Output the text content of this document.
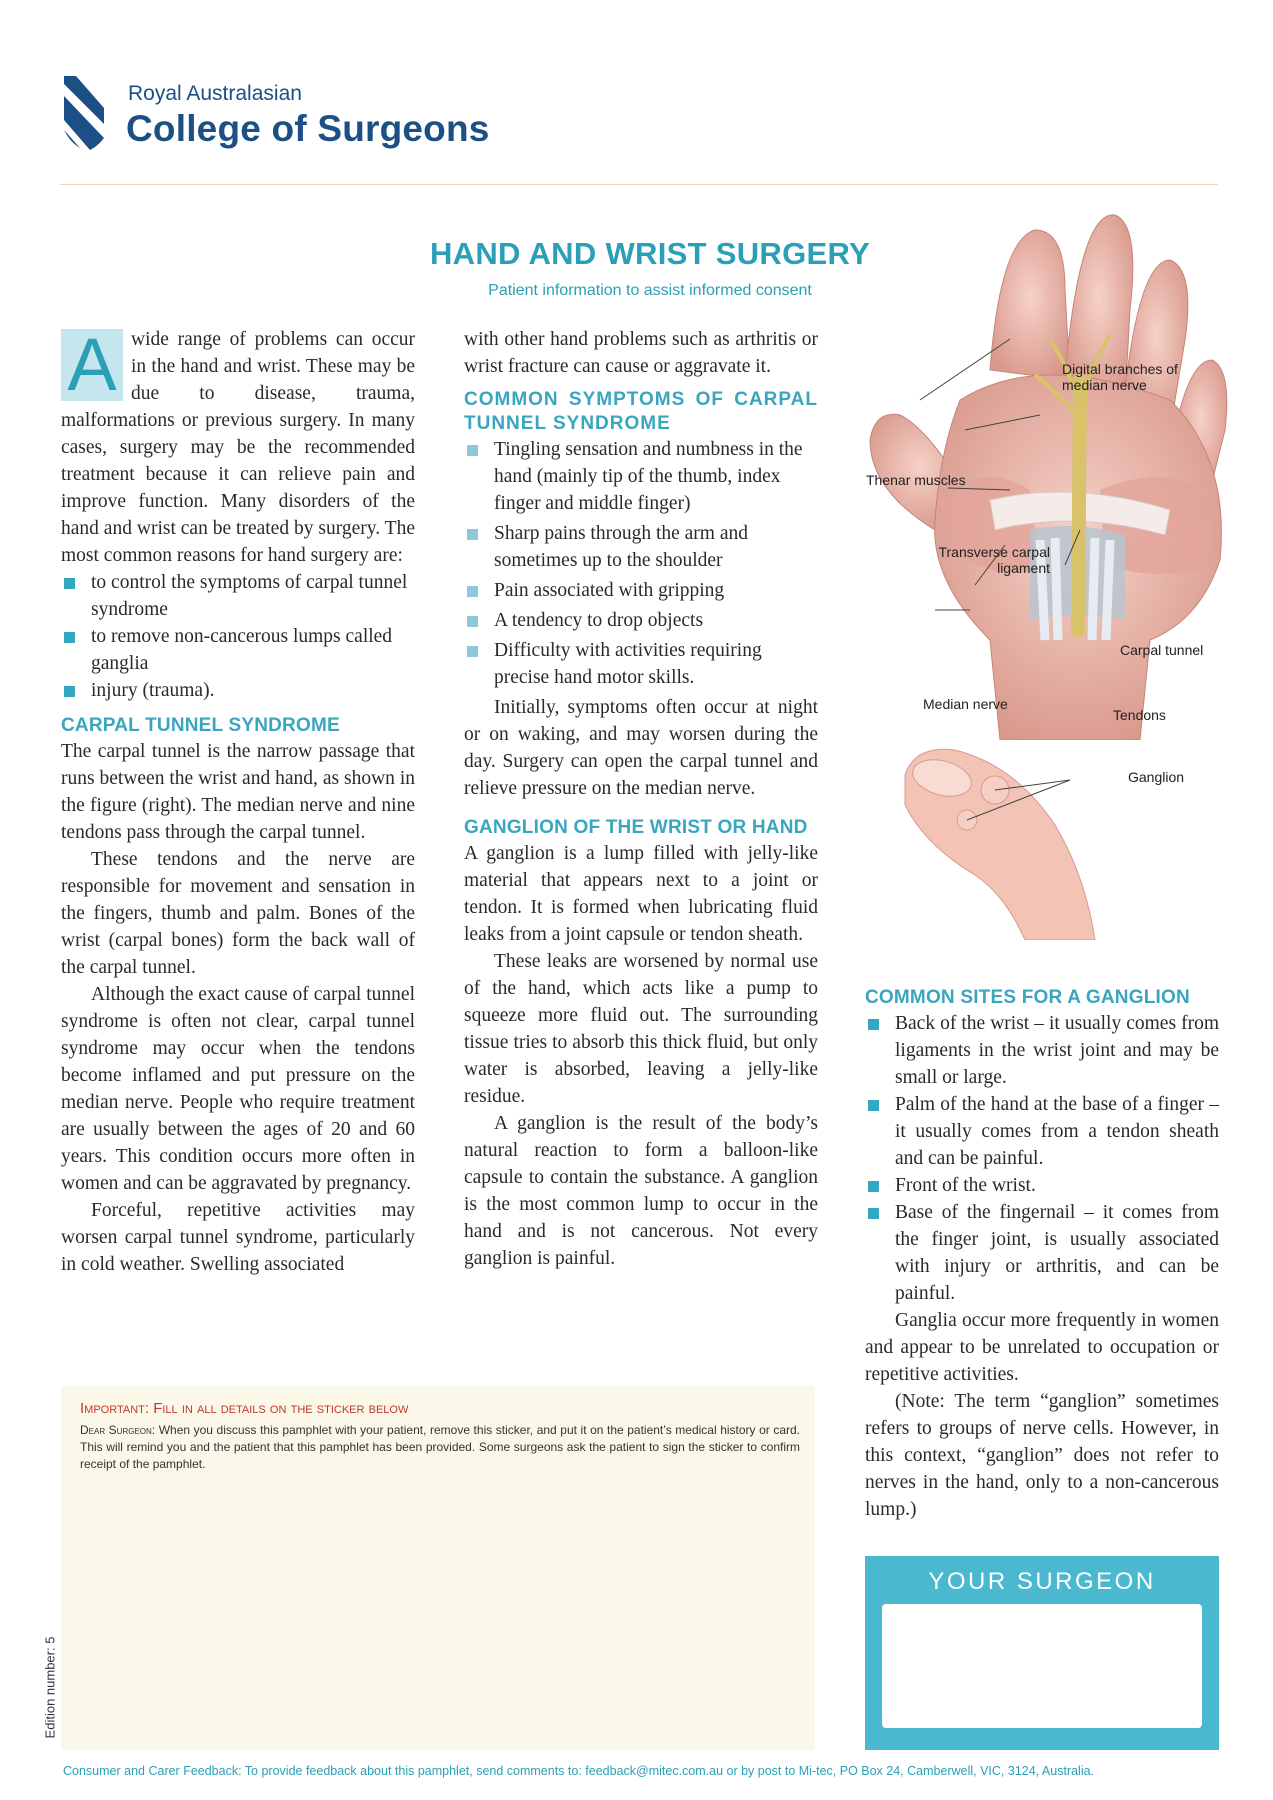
Royal Australasian
College of Surgeons
HAND AND WRIST SURGERY
Patient information to assist informed consent

A wide range of problems can occur in the hand and wrist. These may be due to disease, trauma, malformations or previous surgery. In many cases, surgery may be the recommended treatment because it can relieve pain and improve function. Many disorders of the hand and wrist can be treated by surgery. The most common reasons for hand surgery are:

to control the symptoms of carpal tunnel syndrome
to remove non-cancerous lumps called ganglia
injury (trauma).
CARPAL TUNNEL SYNDROME

The carpal tunnel is the narrow passage that runs between the wrist and hand, as shown in the figure (right). The median nerve and nine tendons pass through the carpal tunnel.

These tendons and the nerve are responsible for movement and sensation in the fingers, thumb and palm. Bones of the wrist (carpal bones) form the back wall of the carpal tunnel.

Although the exact cause of carpal tunnel syndrome is often not clear, carpal tunnel syndrome may occur when the tendons become inflamed and put pressure on the median nerve. People who require treatment are usually between the ages of 20 and 60 years. This condition occurs more often in women and can be aggravated by pregnancy.

Forceful, repetitive activities may worsen carpal tunnel syndrome, particularly in cold weather. Swelling associated

with other hand problems such as arthritis or wrist fracture can cause or aggravate it.

COMMON SYMPTOMS OF CARPAL TUNNEL SYNDROME
Tingling sensation and numbness in the hand (mainly tip of the thumb, index finger and middle finger)
Sharp pains through the arm and sometimes up to the shoulder
Pain associated with gripping
A tendency to drop objects
Difficulty with activities requiring precise hand motor skills.

Initially, symptoms often occur at night or on waking, and may worsen during the day. Surgery can open the carpal tunnel and relieve pressure on the median nerve.

GANGLION OF THE WRIST OR HAND

A ganglion is a lump filled with jelly-like material that appears next to a joint or tendon. It is formed when lubricating fluid leaks from a joint capsule or tendon sheath.

These leaks are worsened by normal use of the hand, which acts like a pump to squeeze more fluid out. The surrounding tissue tries to absorb this thick fluid, but only water is absorbed, leaving a jelly-like residue.

A ganglion is the result of the body’s natural reaction to form a balloon-like capsule to contain the substance. A ganglion is the most common lump to occur in the hand and is not cancerous. Not every ganglion is painful.

Digital branches of median nerve
Thenar muscles
Transverse carpal ligament
Carpal tunnel
Median nerve
Tendons
Ganglion
COMMON SITES FOR A GANGLION
Back of the wrist – it usually comes from ligaments in the wrist joint and may be small or large.
Palm of the hand at the base of a finger – it usually comes from a tendon sheath and can be painful.
Front of the wrist.
Base of the fingernail – it comes from the finger joint, is usually associated with injury or arthritis, and can be painful.

Ganglia occur more frequently in women and appear to be unrelated to occupation or repetitive activities.

(Note: The term “ganglion” sometimes refers to groups of nerve cells. However, in this context, “ganglion” does not refer to nerves in the hand, only to a non-cancerous lump.)

Important: Fill in all details on the sticker below
Dear Surgeon: When you discuss this pamphlet with your patient, remove this sticker, and put it on the patient’s medical history or card. This will remind you and the patient that this pamphlet has been provided. Some surgeons ask the patient to sign the sticker to confirm receipt of the pamphlet.
YOUR SURGEON
Edition number: 5
Consumer and Carer Feedback: To provide feedback about this pamphlet, send comments to: feedback@mitec.com.au or by post to Mi-tec, PO Box 24, Camberwell, VIC, 3124, Australia.
